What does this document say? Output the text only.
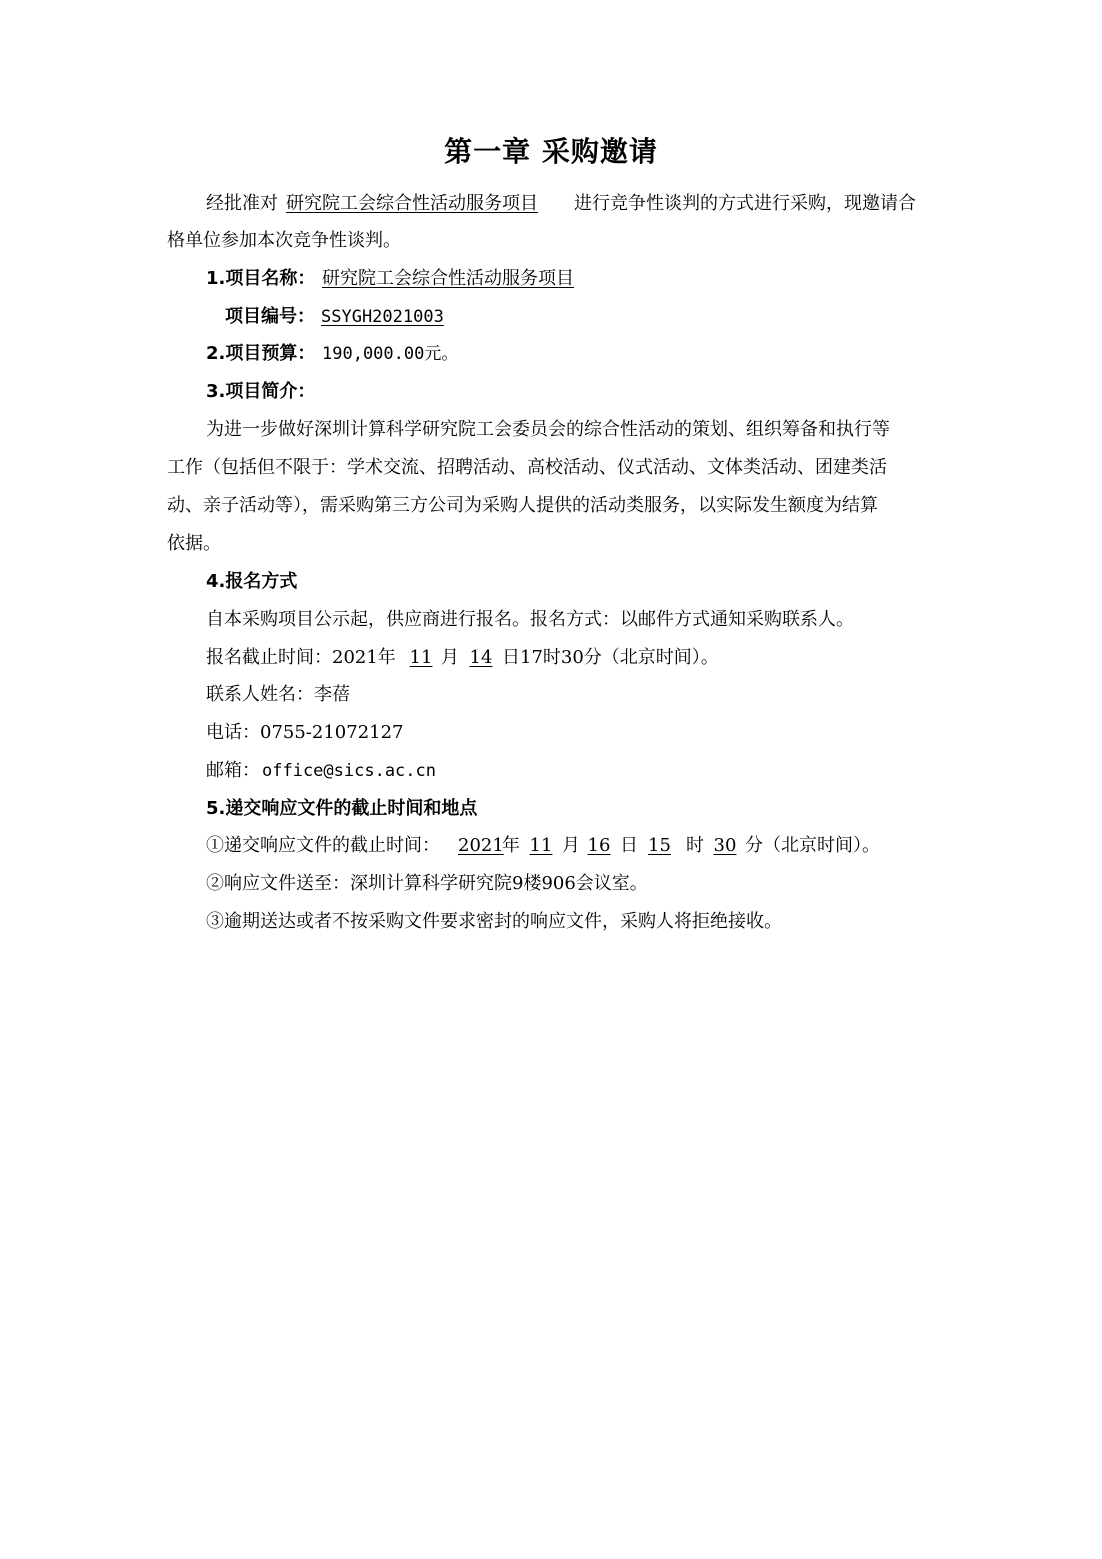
第一章 采购邀请
经批准对 研究院工会综合性活动服务项目 进行竞争性谈判的方式进行采购，现邀请合
格单位参加本次竞争性谈判。
1.项目名称： 研究院工会综合性活动服务项目
项目编号： SSYGH2021003
2.项目预算： 190,000.00元。
3.项目简介：
为进一步做好深圳计算科学研究院工会委员会的综合性活动的策划、组织筹备和执行等
工作（包括但不限于：学术交流、招聘活动、高校活动、仪式活动、文体类活动、团建类活
动、亲子活动等），需采购第三方公司为采购人提供的活动类服务，以实际发生额度为结算
依据。
4.报名方式
自本采购项目公示起，供应商进行报名。报名方式：以邮件方式通知采购联系人。
报名截止时间：2021年 11 月 14 日17时30分（北京时间）。
联系人姓名：李蓓
电话：0755-21072127
邮箱： office@sics.ac.cn
5.递交响应文件的截止时间和地点
①递交响应文件的截止时间： 2021
年 11 月 16 日 15 时 30 分（北京时间）。
②响应文件送至：深圳计算科学研究院9楼906会议室。
③逾期送达或者不按采购文件要求密封的响应文件，采购人将拒绝接收。
